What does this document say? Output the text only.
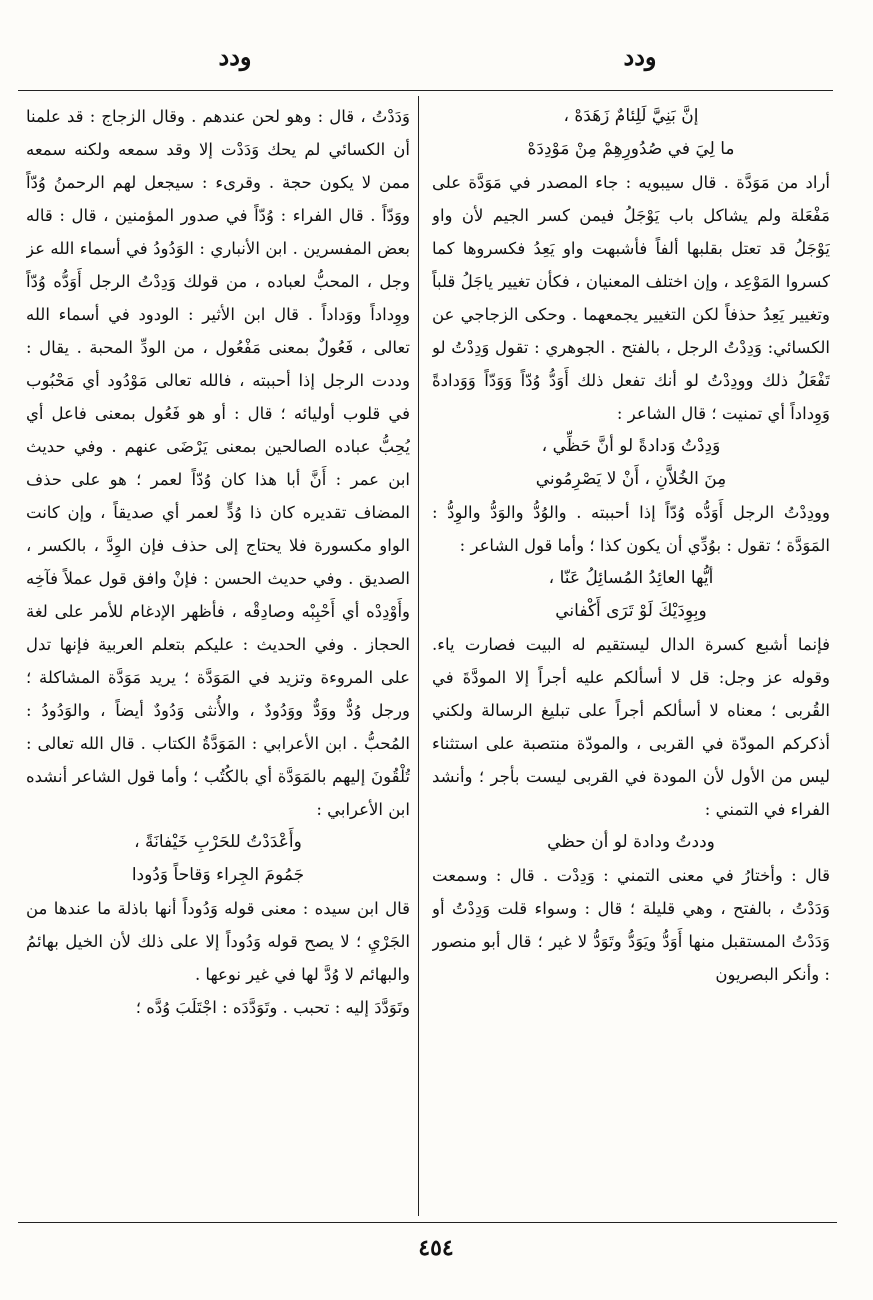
ودد
ودد

إنَّ بَنِيَّ لَلِئامٌ زَهَدَهْ ،

ما لِيَ في صُدُورِهِمْ مِنْ مَوْدِدَهْ

أراد من مَوَدَّة . قال سيبويه : جاء المصدر في مَوَدَّة على مَفْعَلة ولم يشاكل باب يَوْجَلُ فيمن كسر الجيم لأن واو يَوْجَلُ قد تعتل بقلبها ألفاً فأشبهت واو يَعِدُ فكسروها كما كسروا المَوْعِد ، وإن اختلف المعنيان ، فكأن تغيير ياجَلُ قلباً وتغيير يَعِدُ حذفاً لكن التغيير يجمعهما . وحكى الزجاجي عن الكسائي: وَدِدْتُ الرجل ، بالفتح . الجوهري : تقول وَدِدْتُ لو تَفْعَلُ ذلك وودِدْتُ لو أنك تفعل ذلك أَوَدُّ وُدّاً وَوَدّاً وَوَدادةً وَوِداداً أي تمنيت ؛ قال الشاعر :

وَدِدْتُ وَدادةً لو أنَّ حَظِّي ،

مِنَ الخُلاَّنِ ، أَنْ لا يَصْرِمُوني

وودِدْتُ الرجل أَوَدُّه وُدّاً إذا أحببته . والوُدُّ والوَدُّ والوِدُّ : المَوَدَّة ؛ تقول : بوُدِّي أن يكون كذا ؛ وأما قول الشاعر :

أيُّها العائِدُ المُسائِلُ عَنّا ،

وبِوِدَيْكَ لَوْ تَرَى أَكْفاني

فإنما أشبع كسرة الدال ليستقيم له البيت فصارت ياء. وقوله عز وجل: قل لا أسألكم عليه أجراً إلا المودَّةَ في القُربى ؛ معناه لا أسألكم أجراً على تبليغ الرسالة ولكني أذكركم المودّة في القربى ، والمودّة منتصبة على استثناء ليس من الأول لأن المودة في القربى ليست بأجر ؛ وأنشد الفراء في التمني :

وددتُ ودادة لو أن حظي

قال : وأختارُ في معنى التمني : وَدِدْت . قال : وسمعت وَدَدْتُ ، بالفتح ، وهي قليلة ؛ قال : وسواء قلت وَدِدْتُ أو وَدَدْتُ المستقبل منها أَوَدُّ ويَوَدُّ وتَوَدُّ لا غير ؛ قال أبو منصور : وأنكر البصريون

وَدَدْتُ ، قال : وهو لحن عندهم . وقال الزجاج : قد علمنا أن الكسائي لم يحك وَدَدْت إلا وقد سمعه ولكنه سمعه ممن لا يكون حجة . وقرىء : سيجعل لهم الرحمنُ وُدّاً ووَدّاً . قال الفراء : وُدّاً في صدور المؤمنين ، قال : قاله بعض المفسرين . ابن الأنباري : الوَدُودُ في أسماء الله عز وجل ، المحبُّ لعباده ، من قولك وَدِدْتُ الرجل أَوَدُّه وُدّاً ووِداداً ووَداداً . قال ابن الأثير : الودود في أسماء الله تعالى ، فَعُولٌ بمعنى مَفْعُول ، من الودِّ المحبة . يقال : وددت الرجل إذا أحببته ، فالله تعالى مَوْدُود أي مَحْبُوب في قلوب أوليائه ؛ قال : أو هو فَعُول بمعنى فاعل أي يُحِبُّ عباده الصالحين بمعنى يَرْضَى عنهم . وفي حديث ابن عمر : أَنَّ أبا هذا كان وُدّاً لعمر ؛ هو على حذف المضاف تقديره كان ذا وُدٍّ لعمر أي صديقاً ، وإن كانت الواو مكسورة فلا يحتاج إلى حذف فإن الوِدَّ ، بالكسر ، الصديق . وفي حديث الحسن : فإنْ وافق قول عملاً فآخِه وأَوْدِدْه أي أَحْبِبْه وصادِقْه ، فأظهر الإدغام للأمر على لغة الحجاز . وفي الحديث : عليكم بتعلم العربية فإنها تدل على المروءة وتزيد في المَوَدَّة ؛ يريد مَوَدَّة المشاكلة ؛ ورجل وُدٌّ ووَدٌّ ووَدُودٌ ، والأُنثى وَدُودٌ أيضاً ، والوَدُودُ : المُحبُّ . ابن الأعرابي : المَوَدَّةُ الكتاب . قال الله تعالى : تُلْقُونَ إليهم بالمَوَدَّة أي بالكُتُب ؛ وأما قول الشاعر أنشده ابن الأعرابي :

وأَعْدَدْتُ للحَرْبِ خَيْفانَةً ،

جَمُومَ الجِراء وَقاحاً وَدُودا

قال ابن سيده : معنى قوله وَدُوداً أنها باذلة ما عندها من الجَرْيِ ؛ لا يصح قوله وَدُوداً إلا على ذلك لأن الخيل بهائمُ والبهائم لا وُدَّ لها في غير نوعها .

وتَوَدَّدَ إليه : تحبب . وتَوَدَّدَه : اجْتَلَبَ وُدَّه ؛

٤٥٤
